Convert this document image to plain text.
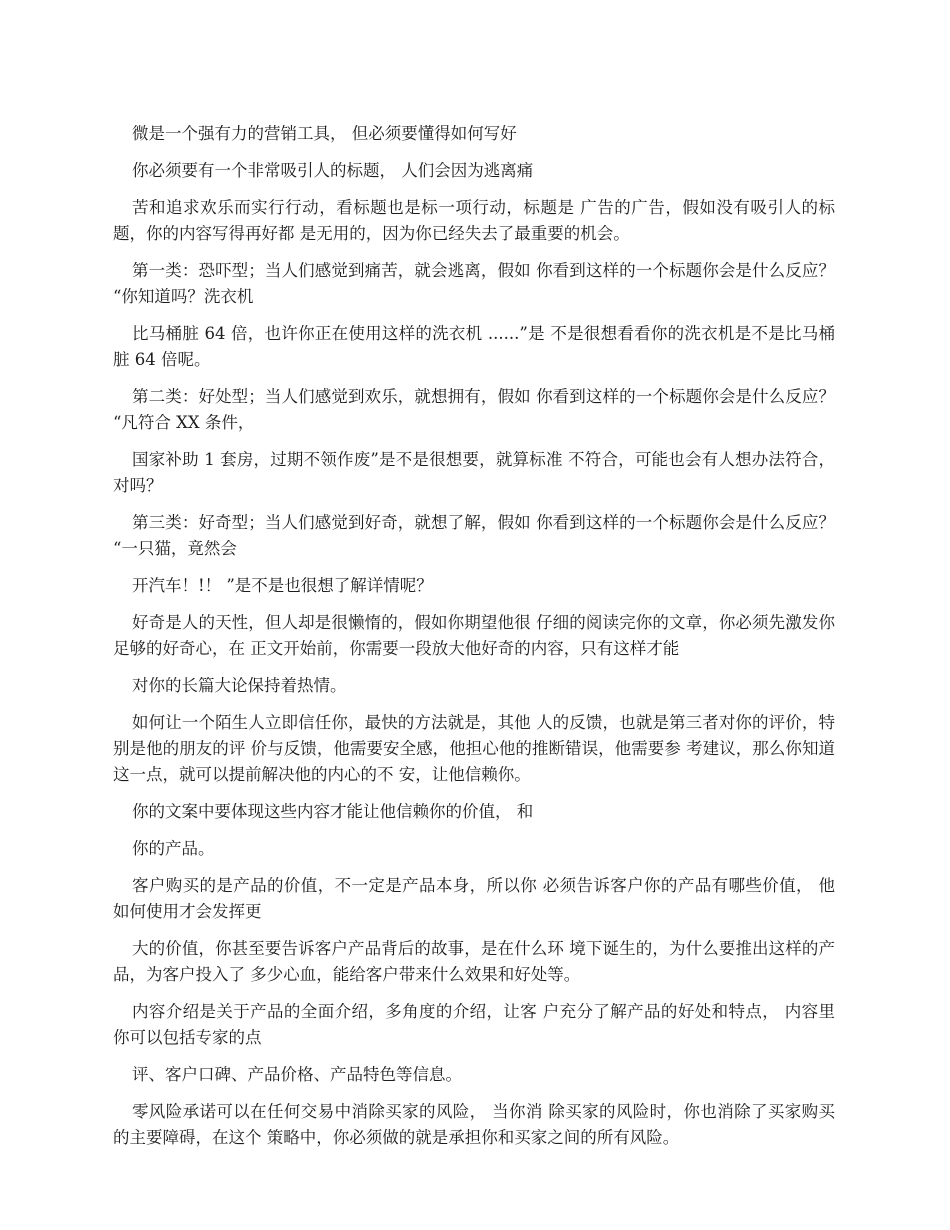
微是一个强有力的营销工具， 但必须要懂得如何写好

你必须要有一个非常吸引人的标题， 人们会因为逃离痛

苦和追求欢乐而实行行动，看标题也是标一项行动，标题是 广告的广告，假如没有吸引人的标题，你的内容写得再好都 是无用的，因为你已经失去了最重要的机会。

第一类：恐吓型；当人们感觉到痛苦，就会逃离，假如 你看到这样的一个标题你会是什么反应？ “你知道吗？洗衣机

比马桶脏 64 倍，也许你正在使用这样的洗衣机 ......”是 不是很想看看你的洗衣机是不是比马桶脏 64 倍呢。

第二类：好处型；当人们感觉到欢乐，就想拥有，假如 你看到这样的一个标题你会是什么反应？ “凡符合 XX 条件，

国家补助 1 套房，过期不领作废”是不是很想要，就算标准 不符合，可能也会有人想办法符合，对吗？

第三类：好奇型；当人们感觉到好奇，就想了解，假如 你看到这样的一个标题你会是什么反应？ “一只猫，竟然会

开汽车！!！ ”是不是也很想了解详情呢？

好奇是人的天性，但人却是很懒惰的，假如你期望他很 仔细的阅读完你的文章，你必须先激发你足够的好奇心，在 正文开始前，你需要一段放大他好奇的内容，只有这样才能

对你的长篇大论保持着热情。

如何让一个陌生人立即信任你，最快的方法就是，其他 人的反馈，也就是第三者对你的评价，特别是他的朋友的评 价与反馈，他需要安全感，他担心他的推断错误，他需要参 考建议，那么你知道这一点，就可以提前解决他的内心的不 安，让他信赖你。

你的文案中要体现这些内容才能让他信赖你的价值， 和

你的产品。

客户购买的是产品的价值，不一定是产品本身，所以你 必须告诉客户你的产品有哪些价值， 他如何使用才会发挥更

大的价值，你甚至要告诉客户产品背后的故事，是在什么环 境下诞生的，为什么要推出这样的产品，为客户投入了 多少心血，能给客户带来什么效果和好处等。

内容介绍是关于产品的全面介绍，多角度的介绍，让客 户充分了解产品的好处和特点， 内容里你可以包括专家的点

评、客户口碑、产品价格、产品特色等信息。

零风险承诺可以在任何交易中消除买家的风险， 当你消 除买家的风险时，你也消除了买家购买的主要障碍，在这个 策略中，你必须做的就是承担你和买家之间的所有风险。
